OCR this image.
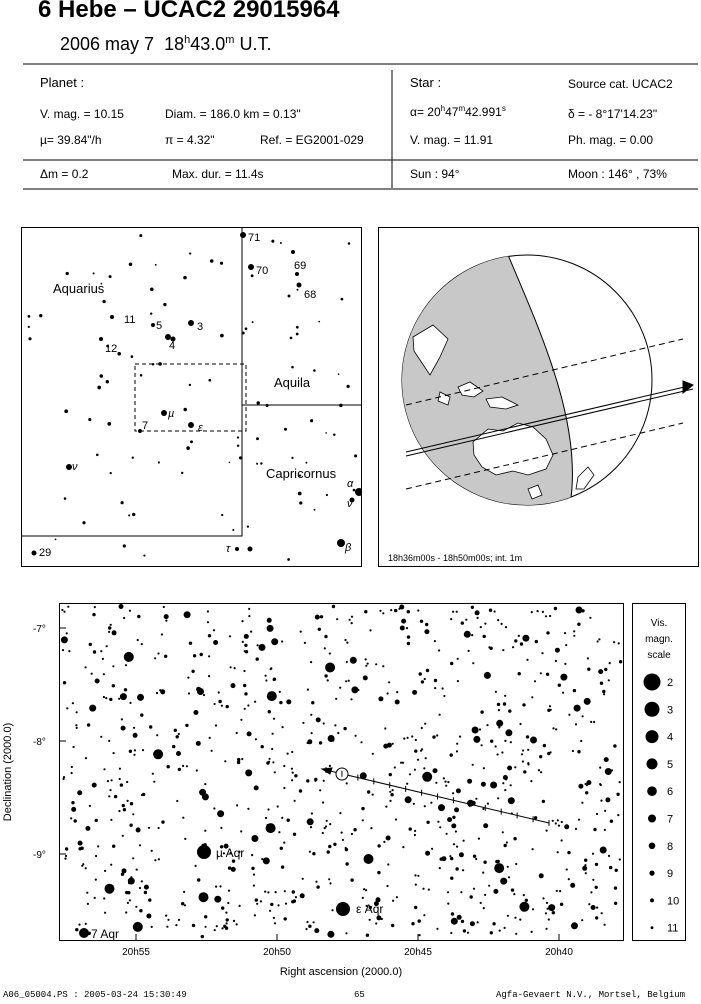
6 Hebe – UCAC2 29015964
2006 may 7 18$^h$43.0$^m$ U.T.
Planet :
V. mag. = 10.15	Diam. = 186.0 km = 0.13"
µ= 39.84"/h	π = 4.32"	Ref. = EG2001-029
Δm = 0.2	Max. dur. = 11.4s
Star :	Source cat. UCAC2
$\alpha= 20^h47^m42.991^s$	δ = - 8°17'14.23"
V. mag. = 11.91	Ph. mag. = 0.00
Sun : 94°	Moon : 146° , 73%
Aquarius
Aquila
Capricornus
71
70 69
68
11 5	3
4
12
µ
7	ε
ν
α
ν
τ	β
29	18h36m00s - 18h50m00s; int. 1m
-7°
-8°
-9°
20h55	20h50	20h45	20h40
Right ascension (2000.0)
Declination (2000.0)
µ Aqr
ε Aqr
7 Aqr
Vis.
magn.
scale
2
3
4
5
6
7
8
9
10
11
A06_05004.PS : 2005-03-24 15:30:49	65	Agfa-Gevaert N.V., Mortsel, Belgium
